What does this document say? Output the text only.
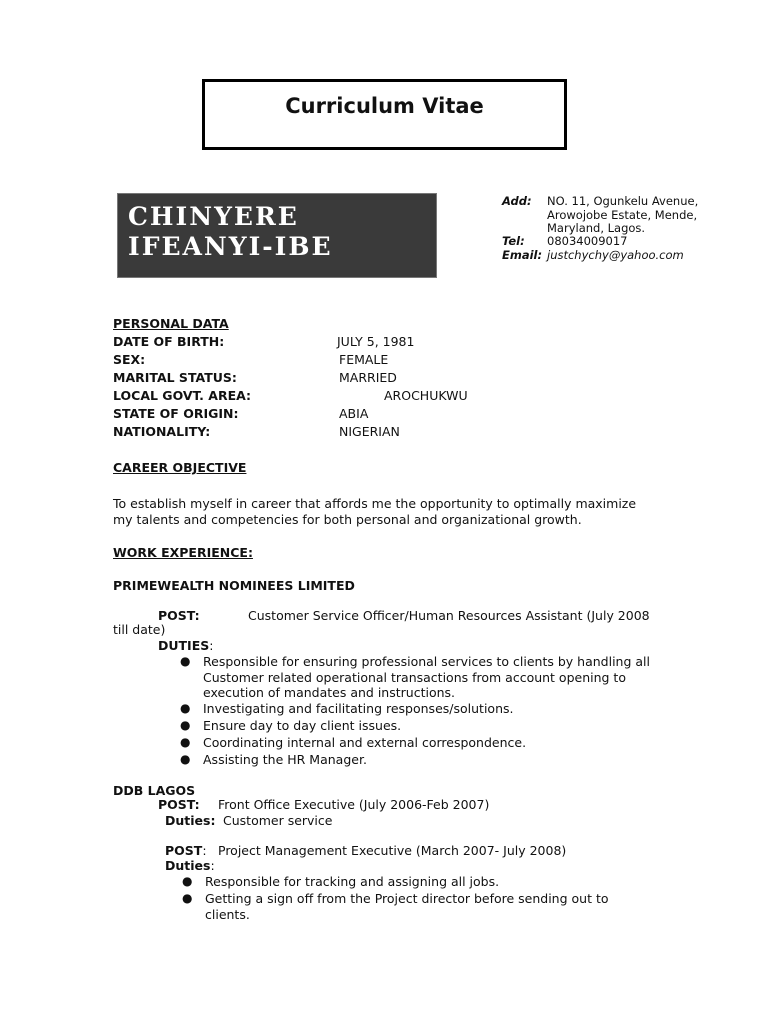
Curriculum Vitae
CHINYERE
IFEANYI-IBE
Add: NO. 11, Ogunkelu Avenue,
Arowojobe Estate, Mende,
Maryland, Lagos.
Tel: 08034009017
Email: justchychy@yahoo.com
PERSONAL DATA
DATE OF BIRTH:	JULY 5, 1981
SEX:	FEMALE
MARITAL STATUS:	MARRIED
LOCAL GOVT. AREA:	AROCHUKWU
STATE OF ORIGIN:	ABIA
NATIONALITY:	NIGERIAN
CAREER OBJECTIVE
To establish myself in career that affords me the opportunity to optimally maximize
my talents and competencies for both personal and organizational growth.
WORK EXPERIENCE:
PRIMEWEALTH NOMINEES LIMITED
POST:	Customer Service Officer/Human Resources Assistant (July 2008
till date)
DUTIES:
● Responsible for ensuring professional services to clients by handling all
Customer related operational transactions from account opening to
execution of mandates and instructions.
● Investigating and facilitating responses/solutions.
● Ensure day to day client issues.
● Coordinating internal and external correspondence.
● Assisting the HR Manager.
DDB LAGOS
POST: Front Office Executive (July 2006-Feb 2007)
Duties: Customer service
POST: Project Management Executive (March 2007- July 2008)
Duties:
● Responsible for tracking and assigning all jobs.
● Getting a sign off from the Project director before sending out to
clients.
